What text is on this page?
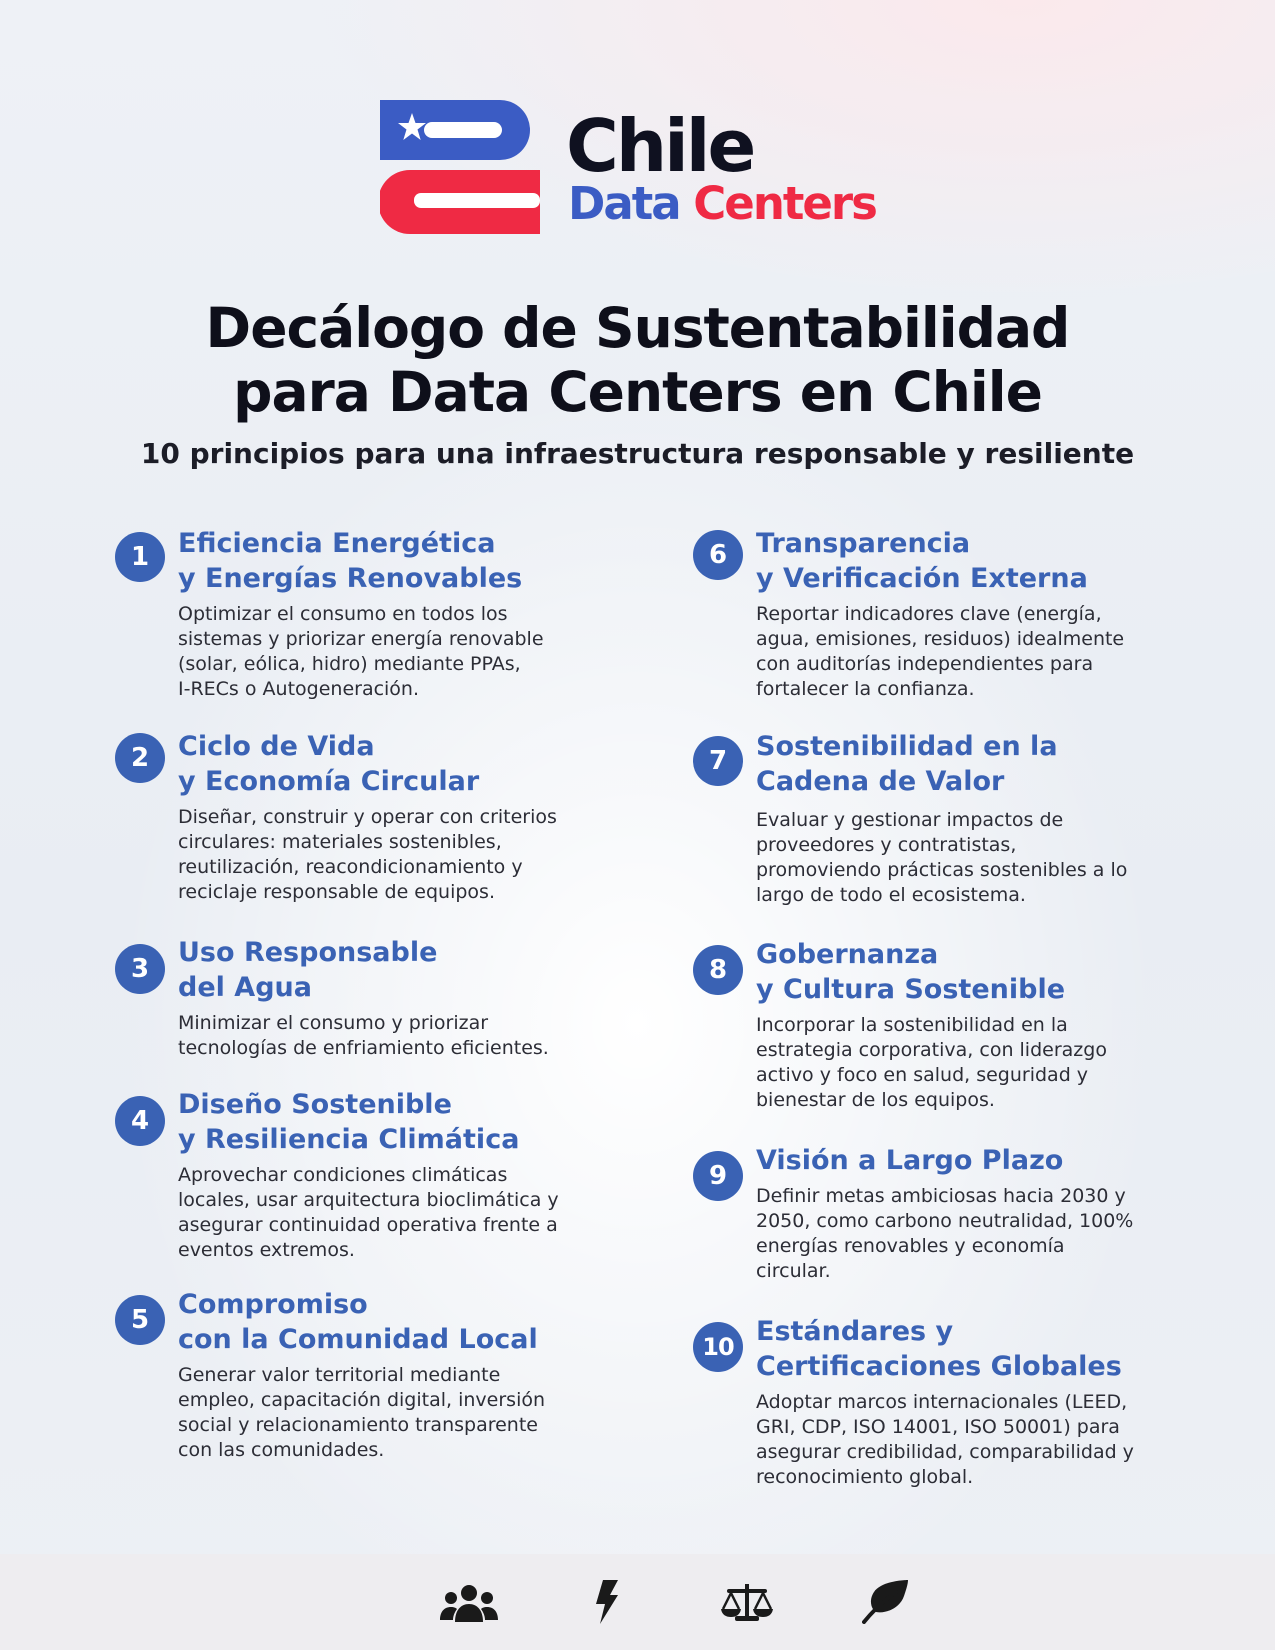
Chile
Data Centers
Decálogo de Sustentabilidad
para Data Centers en Chile
10 principios para una infraestructura responsable y resiliente
1	Eficiencia Energética
y Energías Renovables

Optimizar el consumo en todos los
sistemas y priorizar energía renovable
(solar, eólica, hidro) mediante PPAs,
I-RECs o Autogeneración.

2	Ciclo de Vida
y Economía Circular

Diseñar, construir y operar con criterios
circulares: materiales sostenibles,
reutilización, reacondicionamiento y
reciclaje responsable de equipos.

3
Uso Responsable
del Agua

Minimizar el consumo y priorizar
tecnologías de enfriamiento eficientes.

4
Diseño Sostenible
y Resiliencia Climática

Aprovechar condiciones climáticas
locales, usar arquitectura bioclimática y
asegurar continuidad operativa frente a
eventos extremos.

5	Compromiso
con la Comunidad Local

Generar valor territorial mediante
empleo, capacitación digital, inversión
social y relacionamiento transparente
con las comunidades.

6	Transparencia
y Verificación Externa

Reportar indicadores clave (energía,
agua, emisiones, residuos) idealmente
con auditorías independientes para
fortalecer la confianza.

7	Sostenibilidad en la
Cadena de Valor

Evaluar y gestionar impactos de
proveedores y contratistas,
promoviendo prácticas sostenibles a lo
largo de todo el ecosistema.

8	Gobernanza
y Cultura Sostenible

Incorporar la sostenibilidad en la
estrategia corporativa, con liderazgo
activo y foco en salud, seguridad y
bienestar de los equipos.

9	Visión a Largo Plazo

Definir metas ambiciosas hacia 2030 y
2050, como carbono neutralidad, 100%
energías renovables y economía
circular.

10 Estándares y
Certificaciones Globales

Adoptar marcos internacionales (LEED,
GRI, CDP, ISO 14001, ISO 50001) para
asegurar credibilidad, comparabilidad y
reconocimiento global.
